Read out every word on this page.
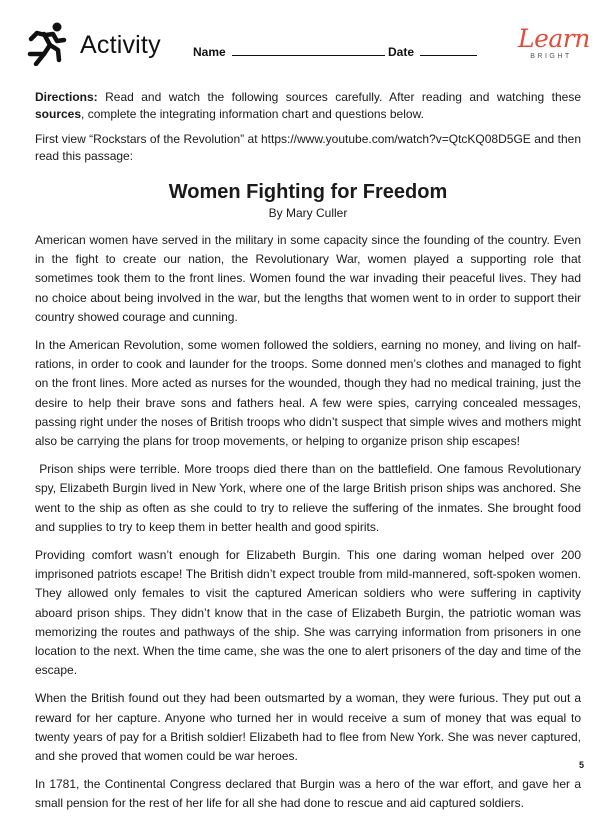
Activity	Name	Date	Learn
BRIGHT

Directions: Read and watch the following sources carefully. After reading and watching these sources, complete the integrating information chart and questions below.

First view “Rockstars of the Revolution” at https://www.youtube.com/watch?v=QtcKQ08D5GE and then read this passage:

Women Fighting for Freedom
By Mary Culler

American women have served in the military in some capacity since the founding of the country. Even in the fight to create our nation, the Revolutionary War, women played a supporting role that sometimes took them to the front lines. Women found the war invading their peaceful lives. They had no choice about being involved in the war, but the lengths that women went to in order to support their country showed courage and cunning.

In the American Revolution, some women followed the soldiers, earning no money, and living on half-rations, in order to cook and launder for the troops. Some donned men’s clothes and managed to fight on the front lines. More acted as nurses for the wounded, though they had no medical training, just the desire to help their brave sons and fathers heal. A few were spies, carrying concealed messages, passing right under the noses of British troops who didn’t suspect that simple wives and mothers might also be carrying the plans for troop movements, or helping to organize prison ship escapes!

Prison ships were terrible. More troops died there than on the battlefield. One famous Revolutionary spy, Elizabeth Burgin lived in New York, where one of the large British prison ships was anchored. She went to the ship as often as she could to try to relieve the suffering of the inmates. She brought food and supplies to try to keep them in better health and good spirits.

Providing comfort wasn’t enough for Elizabeth Burgin. This one daring woman helped over 200 imprisoned patriots escape! The British didn’t expect trouble from mild-mannered, soft-spoken women. They allowed only females to visit the captured American soldiers who were suffering in captivity aboard prison ships. They didn’t know that in the case of Elizabeth Burgin, the patriotic woman was memorizing the routes and pathways of the ship. She was carrying information from prisoners in one location to the next. When the time came, she was the one to alert prisoners of the day and time of the escape.

When the British found out they had been outsmarted by a woman, they were furious. They put out a reward for her capture. Anyone who turned her in would receive a sum of money that was equal to twenty years of pay for a British soldier! Elizabeth had to flee from New York. She was never captured, and she proved that women could be war heroes.

In 1781, the Continental Congress declared that Burgin was a hero of the war effort, and gave her a small pension for the rest of her life for all she had done to rescue and aid captured soldiers.

5
